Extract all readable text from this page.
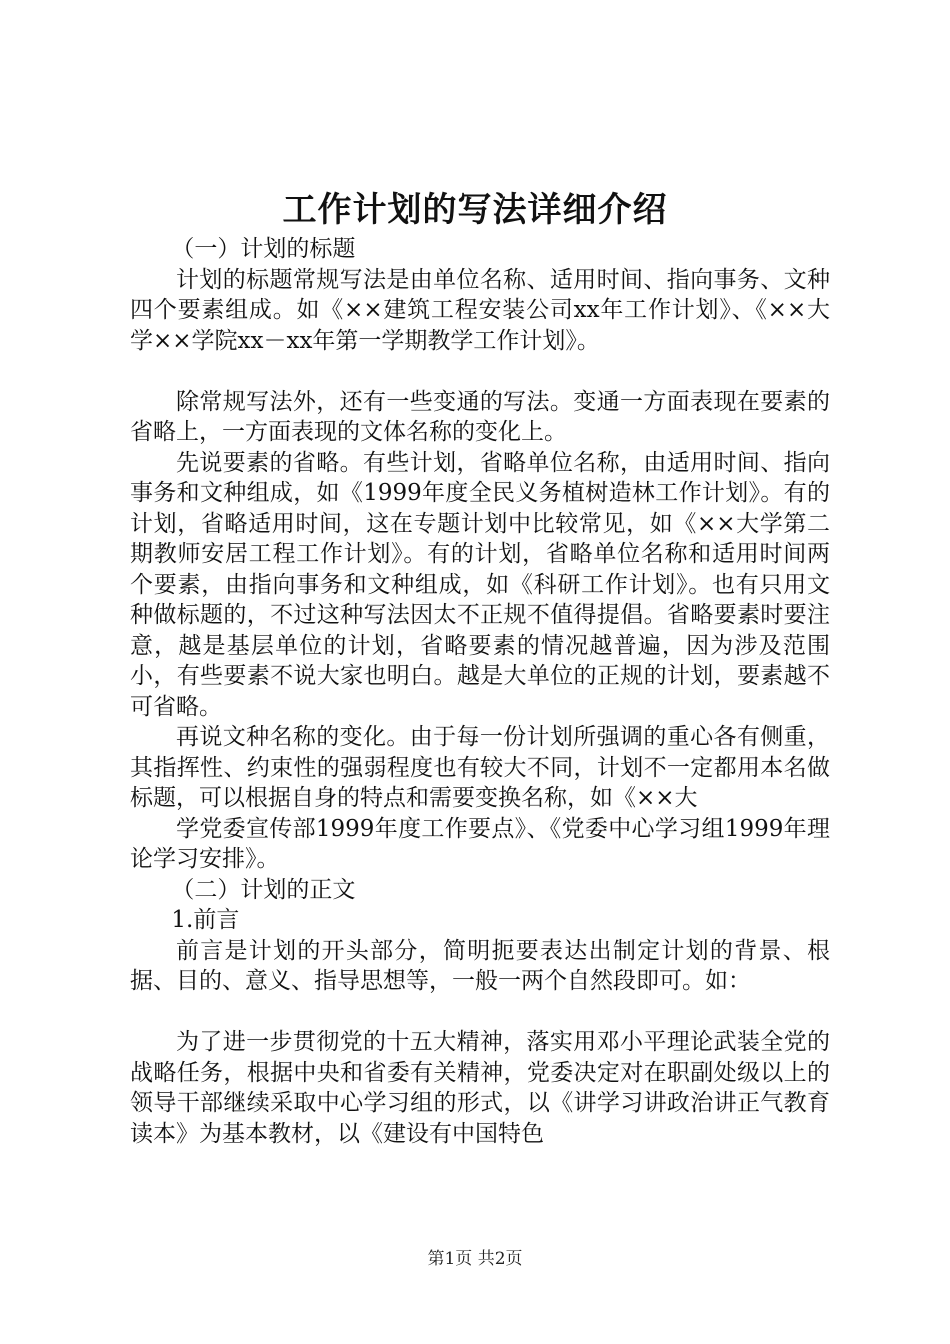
工作计划的写法详细介绍

（一）计划的标题

计划的标题常规写法是由单位名称、适用时间、指向事务、文种四个要素组成。如《××建筑工程安装公司xx年工作计划》、《××大学××学院xx－xx年第一学期教学工作计划》。

除常规写法外，还有一些变通的写法。变通一方面表现在要素的省略上，一方面表现的文体名称的变化上。

先说要素的省略。有些计划，省略单位名称，由适用时间、指向事务和文种组成，如《1999年度全民义务植树造林工作计划》。有的计划，省略适用时间，这在专题计划中比较常见，如《××大学第二期教师安居工程工作计划》。有的计划，省略单位名称和适用时间两个要素，由指向事务和文种组成，如《科研工作计划》。也有只用文种做标题的，不过这种写法因太不正规不值得提倡。省略要素时要注意，越是基层单位的计划，省略要素的情况越普遍，因为涉及范围小，有些要素不说大家也明白。越是大单位的正规的计划，要素越不可省略。

再说文种名称的变化。由于每一份计划所强调的重心各有侧重，其指挥性、约束性的强弱程度也有较大不同，计划不一定都用本名做标题，可以根据自身的特点和需要变换名称，如《××大

学党委宣传部1999年度工作要点》、《党委中心学习组1999年理论学习安排》。

（二）计划的正文

1.前言

前言是计划的开头部分，简明扼要表达出制定计划的背景、根据、目的、意义、指导思想等，一般一两个自然段即可。如：

为了进一步贯彻党的十五大精神，落实用邓小平理论武装全党的战略任务，根据中央和省委有关精神，党委决定对在职副处级以上的领导干部继续采取中心学习组的形式，以《讲学习讲政治讲正气教育读本》为基本教材，以《建设有中国特色

第1页 共2页
